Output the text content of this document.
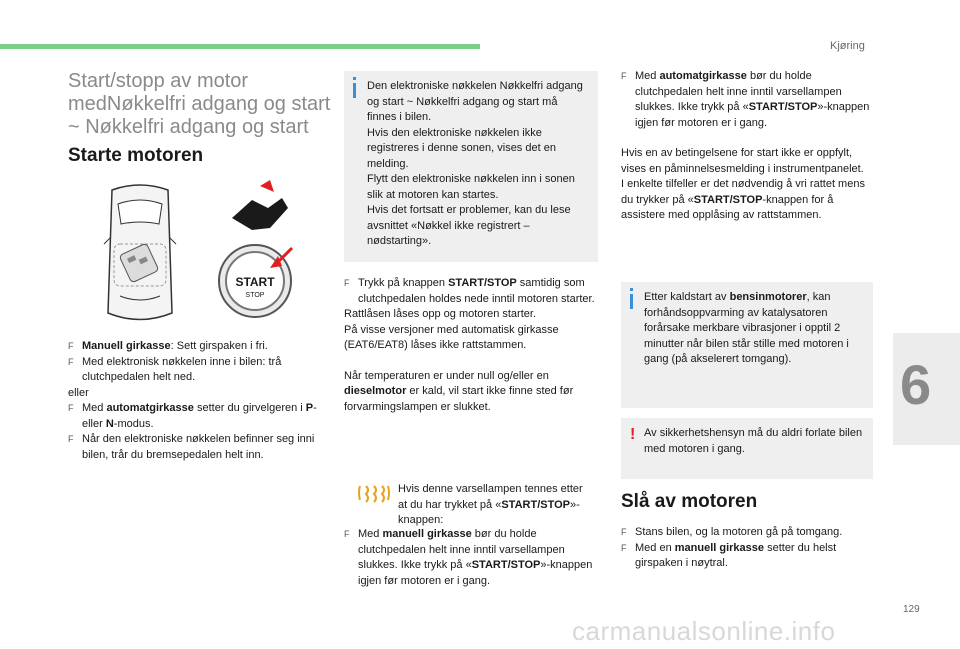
Kjøring
6
129
carmanualsonline.info
Start/stopp av motor
medNøkkelfri adgang og start
~ Nøkkelfri adgang og start
Starte motoren
START
STOP

F Manuell girkasse: Sett girspaken i fri.

F Med elektronisk nøkkelen inne i bilen: trå clutchpedalen helt ned.

eller

F Med automatgirkasse setter du girvelgeren i P- eller N-modus.

F Når den elektroniske nøkkelen befinner seg inni bilen, trår du bremsepedalen helt inn.

Den elektroniske nøkkelen Nøkkelfri adgang og start ~ Nøkkelfri adgang og start må finnes i bilen.
Hvis den elektroniske nøkkelen ikke registreres i denne sonen, vises det en melding.
Flytt den elektroniske nøkkelen inn i sonen slik at motoren kan startes.
Hvis det fortsatt er problemer, kan du lese avsnittet «Nøkkel ikke registrert – nødstarting».

F Trykk på knappen START/STOP samtidig som clutchpedalen holdes nede inntil motoren starter.

Rattlåsen låses opp og motoren starter.

På visse versjoner med automatisk girkasse (EAT6/EAT8) låses ikke rattstammen.

Når temperaturen er under null og/eller en dieselmotor er kald, vil start ikke finne sted før forvarmingslampen er slukket.

Hvis denne varsellampen tennes etter at du har trykket på «START/STOP»-knappen:

F Med manuell girkasse bør du holde clutchpedalen helt inne inntil varsellampen slukkes. Ikke trykk på «START/STOP»-knappen igjen før motoren er i gang.

F Med automatgirkasse bør du holde clutchpedalen helt inne inntil varsellampen slukkes. Ikke trykk på «START/STOP»-knappen igjen før motoren er i gang.

Hvis en av betingelsene for start ikke er oppfylt, vises en påminnelsesmelding i instrumentpanelet.

I enkelte tilfeller er det nødvendig å vri rattet mens du trykker på «START/STOP-knappen for å assistere med opplåsing av rattstammen.

Etter kaldstart av bensinmotorer, kan forhåndsoppvarming av katalysatoren forårsake merkbare vibrasjoner i opptil 2 minutter når bilen står stille med motoren i gang (på akselerert tomgang).
! Av sikkerhetshensyn må du aldri forlate bilen med motoren i gang.
Slå av motoren

F Stans bilen, og la motoren gå på tomgang.

F Med en manuell girkasse setter du helst girspaken i nøytral.
